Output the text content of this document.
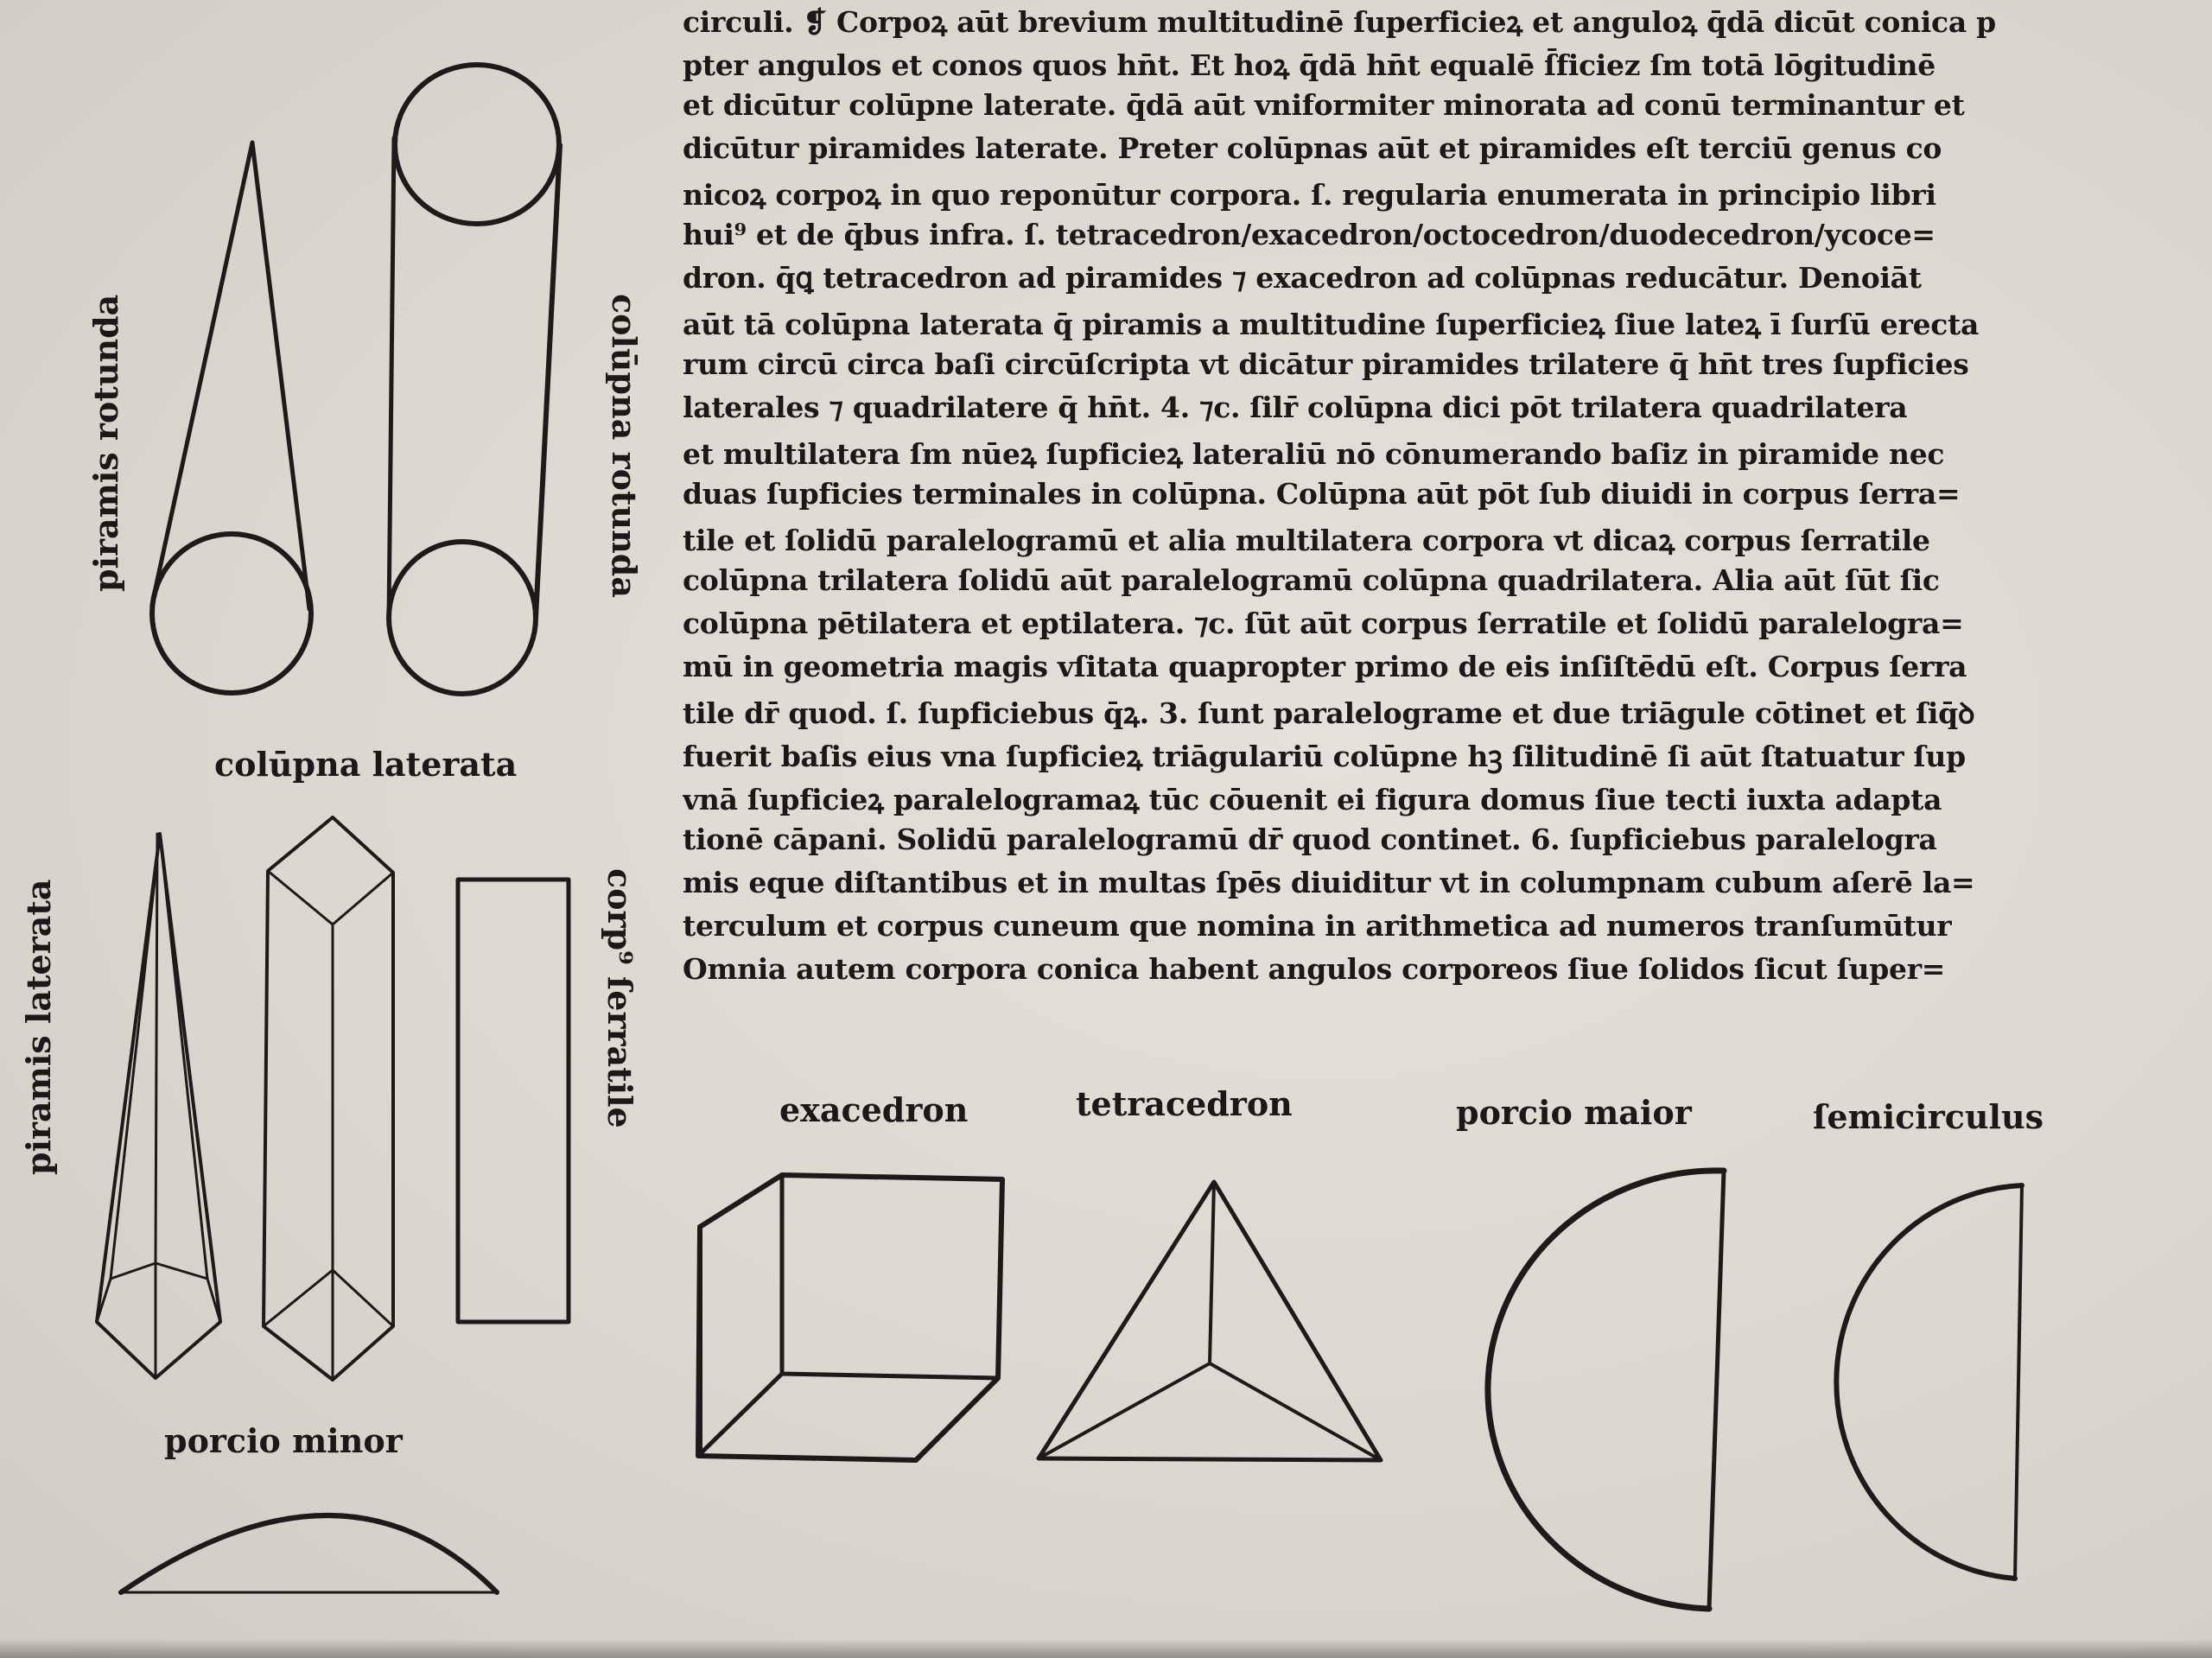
circuli. ❡ Corpoꝝ aūt brevium multitudinē ſuperficieꝝ et anguloꝝ q̄dā dicūt conica p
pter angulos et conos quos hn̄t. Et hoꝝ q̄dā hn̄t equalē ſ̄ficiez ſm totā lōgitudinē
et dicūtur colūpne laterate. q̄dā aūt vniformiter minorata ad conū terminantur et
dicūtur piramides laterate. Preter colūpnas aūt et piramides eſt terciū genus co
nicoꝝ corpoꝝ in quo reponūtur corpora. ſ. regularia enumerata in principio libri
hui⁹ et de q̄bus infra. ſ. tetracedron/exacedron/octocedron/duodecedron/ycoce=
dron. q̄ꝗ tetracedron ad piramides ⁊ exacedron ad colūpnas reducātur. Denoiāt
aūt tā colūpna laterata q̄ piramis a multitudine ſuperficieꝝ ſiue lateꝝ ī ſurſū erecta
rum circū circa baſi circūſcripta vt dicātur piramides trilatere q̄ hn̄t tres ſupficies
laterales ⁊ quadrilatere q̄ hn̄t. 4. ⁊c. ſilr̄ colūpna dici pōt trilatera quadrilatera
et multilatera ſm nūeꝝ ſupficieꝝ lateraliū nō cōnumerando baſiz in piramide nec
duas ſupficies terminales in colūpna. Colūpna aūt pōt ſub diuidi in corpus ſerra=
tile et ſolidū paralelogramū et alia multilatera corpora vt dicaꝝ corpus ſerratile
colūpna trilatera ſolidū aūt paralelogramū colūpna quadrilatera. Alia aūt ſūt ſic
colūpna pētilatera et eptilatera. ⁊c. ſūt aūt corpus ſerratile et ſolidū paralelogra=
mū in geometria magis vſitata quapropter primo de eis inſiſtēdū eſt. Corpus ſerra
tile dr̄ quod. ſ. ſupficiebus q̄ꝝ. 3. ſunt paralelograme et due triāgule cōtinet et ſiq̄ꝺ
fuerit baſis eius vna ſupficieꝝ triāgulariū colūpne hꝫ ſilitudinē ſi aūt ſtatuatur ſup
vnā ſupficieꝝ paralelogramaꝝ tūc cōuenit ei figura domus ſiue tecti iuxta adapta
tionē cāpani. Solidū paralelogramū dr̄ quod continet. 6. ſupficiebus paralelogra
mis eque diſtantibus et in multas ſpēs diuiditur vt in columpnam cubum aſerē la=
terculum et corpus cuneum que nomina in arithmetica ad numeros tranſumūtur
Omnia autem corpora conica habent angulos corporeos ſiue ſolidos ſicut ſuper=
piramis rotunda	colūpna rotunda
colūpna laterata
piramis laterata	corp⁹ ſerratile
porcio minor
exacedron	tetracedron	porcio maior	ſemicirculus
